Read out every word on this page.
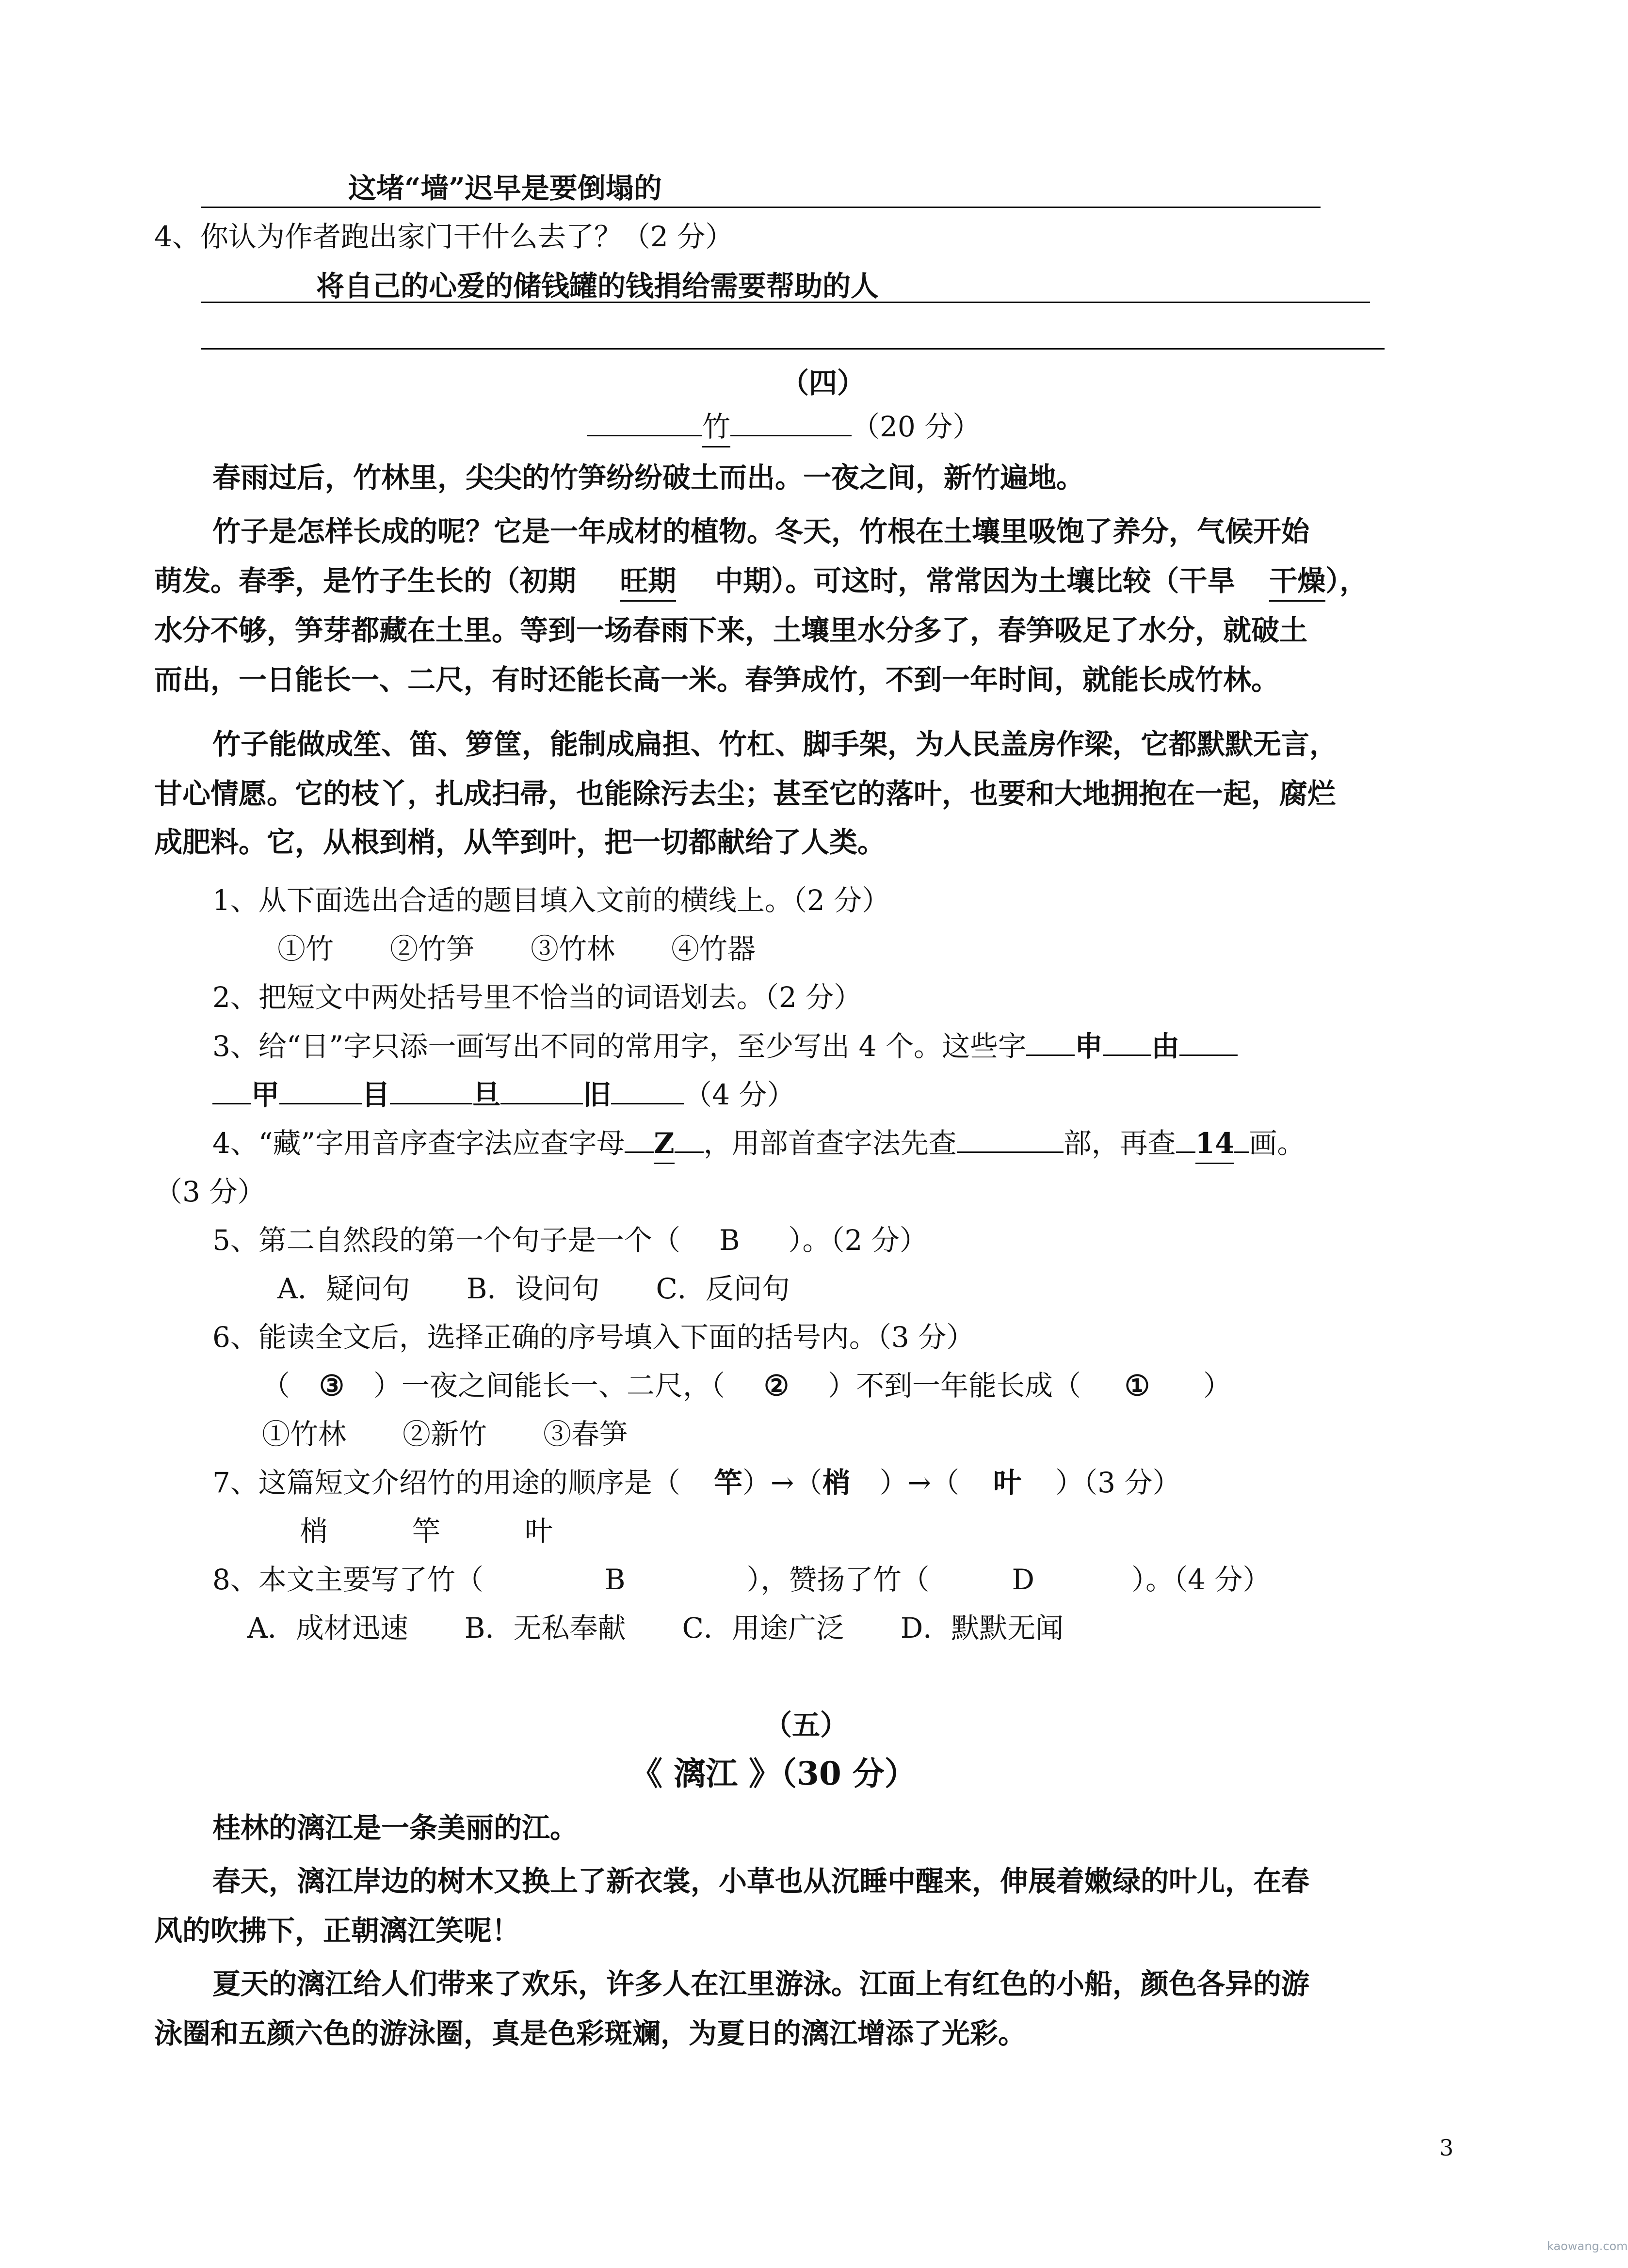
这堵“墙”迟早是要倒塌的
4、你认为作者跑出家门干什么去了？（2 分）
将自己的心爱的储钱罐的钱捐给需要帮助的人
（四）
竹	（20 分）
春雨过后，竹林里，尖尖的竹笋纷纷破土而出。一夜之间，新竹遍地。
竹子是怎样长成的呢？它是一年成材的植物。冬天，竹根在土壤里吸饱了养分，气候开始
萌发。春季，是竹子生长的（初期 旺期 中期）。可这时，常常因为土壤比较（干旱 干燥），
水分不够，笋芽都藏在土里。等到一场春雨下来，土壤里水分多了，春笋吸足了水分，就破土
而出，一日能长一、二尺，有时还能长高一米。春笋成竹，不到一年时间，就能长成竹林。
竹子能做成笙、笛、箩筐，能制成扁担、竹杠、脚手架，为人民盖房作梁，它都默默无言，
甘心情愿。它的枝丫，扎成扫帚，也能除污去尘；甚至它的落叶，也要和大地拥抱在一起，腐烂
成肥料。它，从根到梢，从竿到叶，把一切都献给了人类。
1、从下面选出合适的题目填入文前的横线上。（2 分）
①竹　　②竹笋　　③竹林　　④竹器
2、把短文中两处括号里不恰当的词语划去。（2 分）
3、给“日”字只添一画写出不同的常用字，至少写出 4 个。这些字 申 由
甲	目	旦	旧	（4 分）
4、“藏”字用音序查字法应查字母 Z ，用部首查字法先查	部，再查 14 画。
（3 分）
5、第二自然段的第一个句子是一个（ B ）。（2 分）
A．疑问句　　B．设问句　　C．反问句
6、能读全文后，选择正确的序号填入下面的括号内。（3 分）
（ ③ ）一夜之间能长一、二尺，（ ② ）不到一年能长成（ ① ）
①竹林　　②新竹　　③春笋
7、这篇短文介绍竹的用途的顺序是（ 竿）→（梢 ）→（ 叶 ）（3 分）
梢　　　竿　　　叶
8、本文主要写了竹（	B	），赞扬了竹（	D	）。（4 分）
A．成材迅速　　B．无私奉献　　C．用途广泛　　D．默默无闻
（五）
《 漓江 》（30 分）
桂林的漓江是一条美丽的江。
春天，漓江岸边的树木又换上了新衣裳，小草也从沉睡中醒来，伸展着嫩绿的叶儿，在春
风的吹拂下，正朝漓江笑呢！
夏天的漓江给人们带来了欢乐，许多人在江里游泳。江面上有红色的小船，颜色各异的游
泳圈和五颜六色的游泳圈，真是色彩斑斓，为夏日的漓江增添了光彩。
3
kaowang.com
